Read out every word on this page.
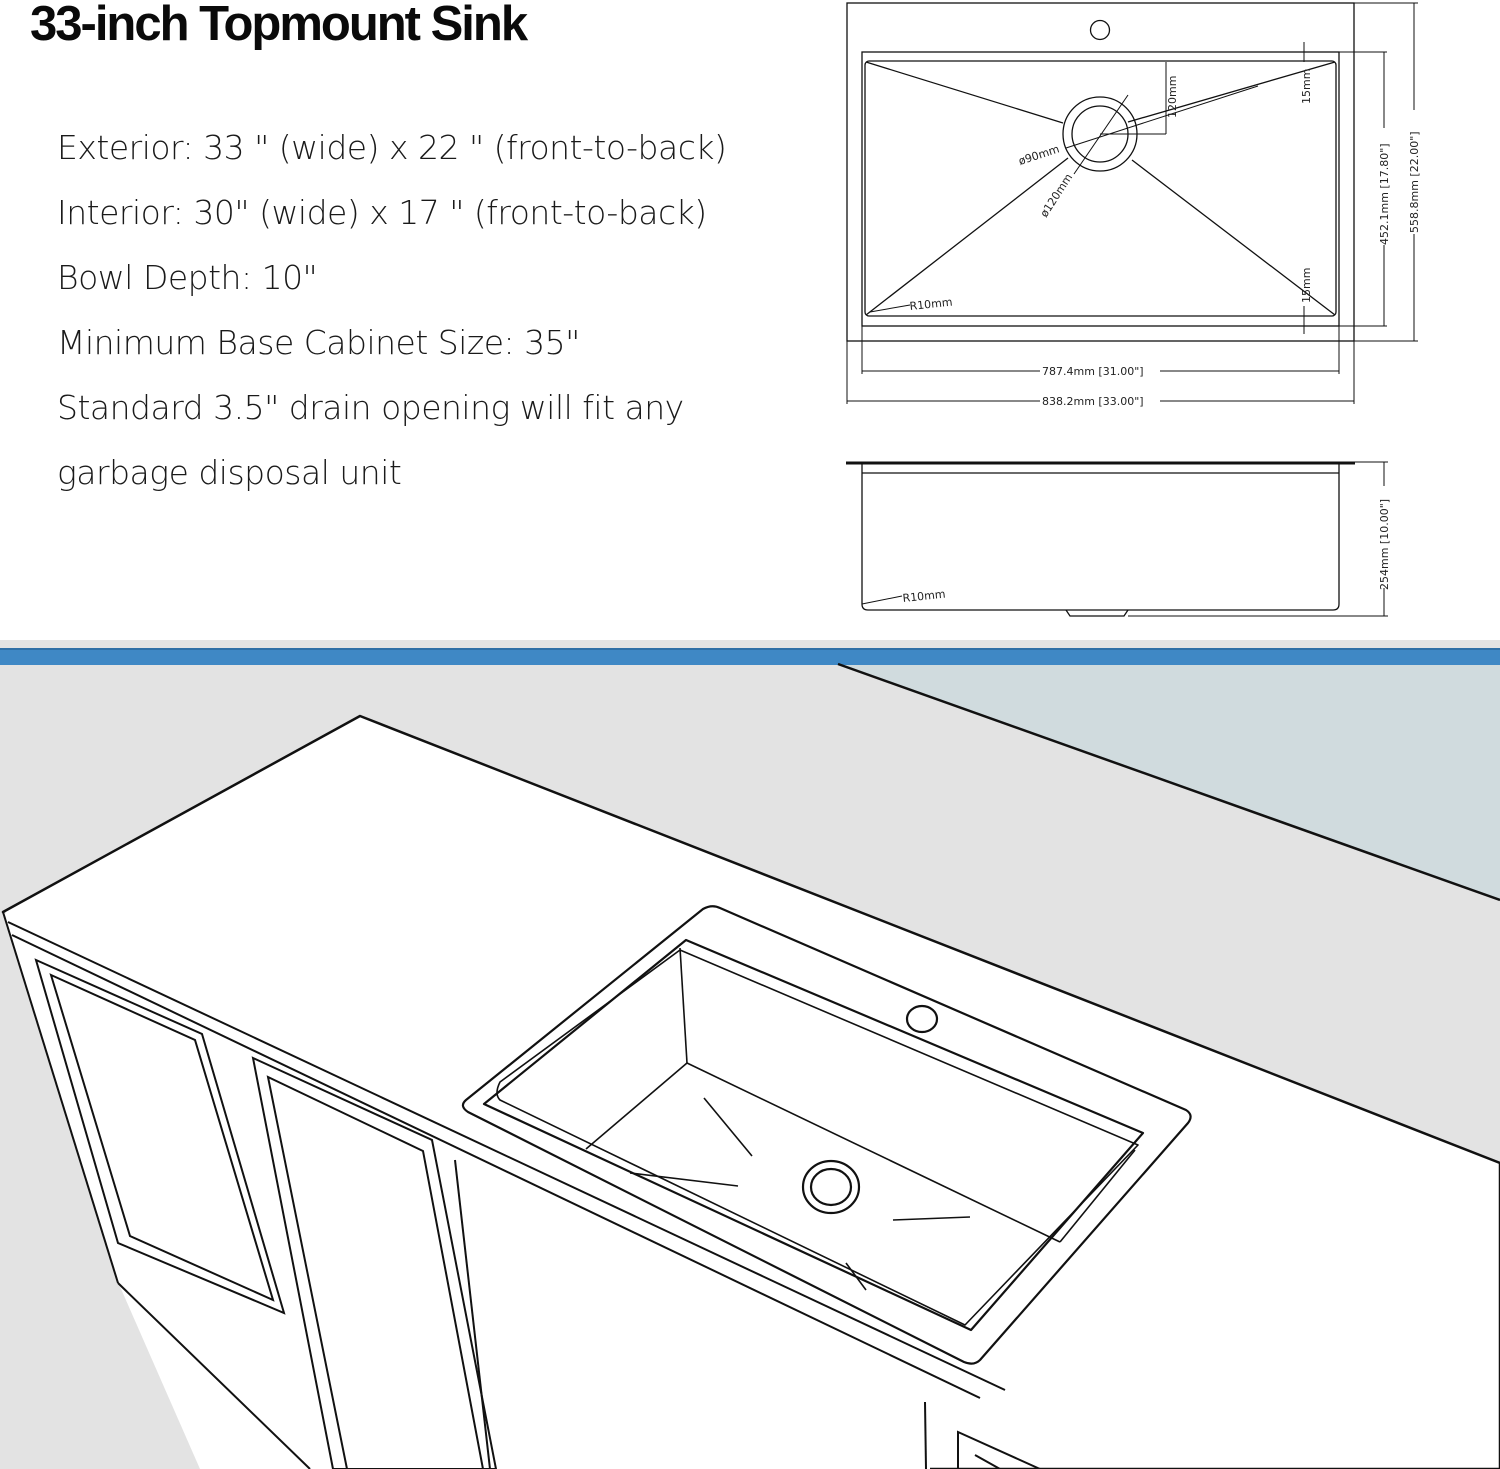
33-inch Topmount Sink
Exterior: 33 " (wide) x 22 " (front-to-back)
Interior: 30" (wide) x 17 " (front-to-back)
Bowl Depth: 10"
Minimum Base Cabinet Size: 35"
Standard 3.5" drain opening will fit any
garbage disposal unit
ø90mm
ø120mm
120mm	15mm
15mm
R10mm
787.4mm [31.00"]
838.2mm [33.00"]
452.1mm [17.80"] 558.8mm [22.00"]
R10mm
254mm [10.00"]
